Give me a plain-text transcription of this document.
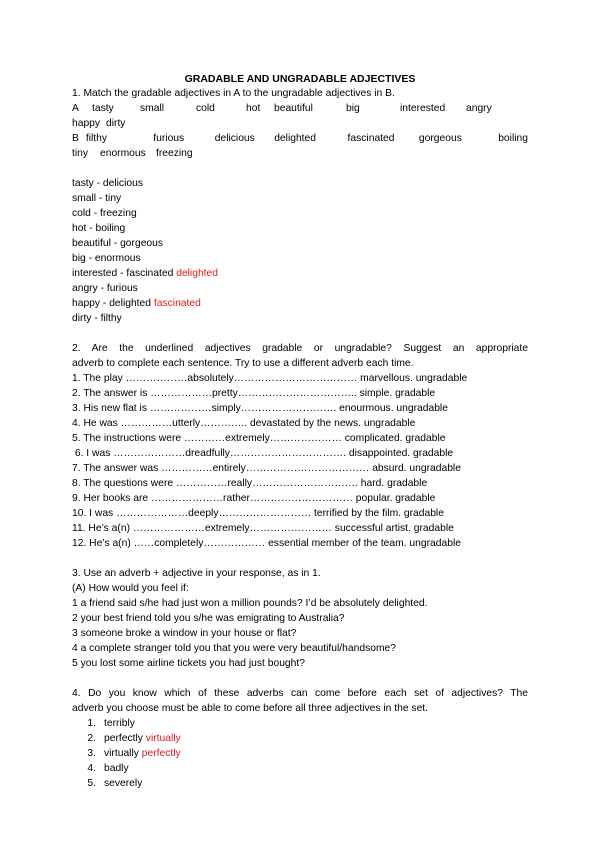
GRADABLE AND UNGRADABLE ADJECTIVES
1. Match the gradable adjectives in A to the ungradable adjectives in B.
A	tasty	small	cold	hot	beautiful	big	interested	angry
happy dirty
B filthy	furious	delicious	delighted	fascinated	gorgeous	boiling
tiny	enormous freezing
tasty - delicious
small - tiny
cold - freezing
hot - boiling
beautiful - gorgeous
big - enormous
interested - fascinated delighted
angry - furious
happy - delighted fascinated
dirty - filthy
2. Are the underlined adjectives gradable or ungradable? Suggest an appropriate
adverb to complete each sentence. Try to use a different adverb each time.
1. The play ………………absolutely……………………………… marvellous. ungradable
2. The answer is ………………pretty…………………………….. simple. gradable
3. His new flat is ………………simply………………………. enourmous. ungradable
4. He was ……………utterly………….. devastated by the news. ungradable
5. The instructions were …………extremely………………… complicated. gradable
6. I was …………………dreadfully……………………………. disappointed. gradable
7. The answer was ……………entirely……………………………… absurd. ungradable
8. The questions were ……………really…………………………. hard. gradable
9. Her books are …………………rather………………………… popular. gradable
10. I was …………………deeply……………………… terrified by the film. gradable
11. He’s a(n) …………………extremely…………………… successful artist. gradable
12. He’s a(n) ……completely……………… essential member of the team. ungradable
3. Use an adverb + adjective in your response, as in 1.
(A) How would you feel if:
1 a friend said s/he had just won a million pounds? I’d be absolutely delighted.
2 your best friend told you s/he was emigrating to Australia?
3 someone broke a window in your house or flat?
4 a complete stranger told you that you were very beautiful/handsome?
5 you lost some airline tickets you had just bought?
4. Do you know which of these adverbs can come before each set of adjectives? The
adverb you choose must be able to come before all three adjectives in the set.
1. terribly
2. perfectly virtually
3. virtually perfectly
4. badly
5. severely
